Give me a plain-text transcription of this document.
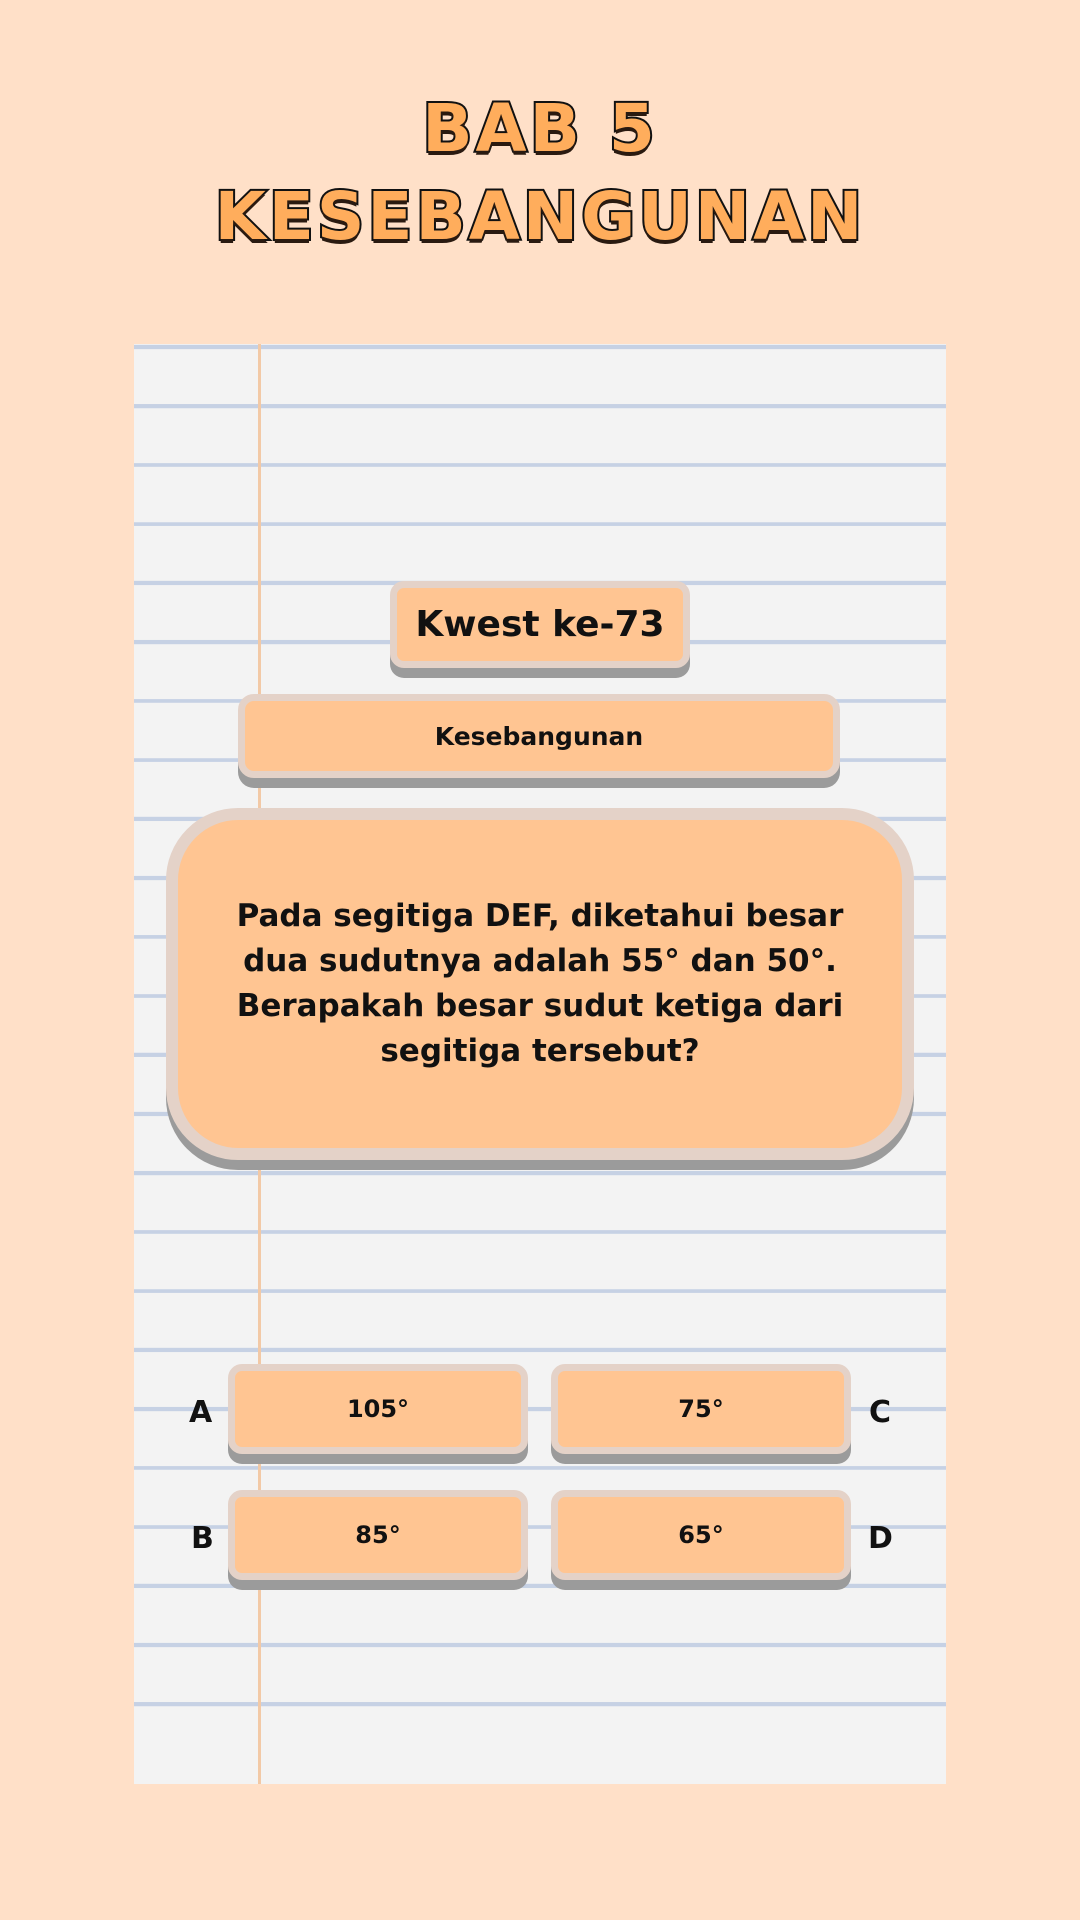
BAB 5
KESEBANGUNAN
Kwest ke-73
Kesebangunan
Pada segitiga DEF, diketahui besar dua sudutnya adalah 55° dan 50°. Berapakah besar sudut ketiga dari segitiga tersebut?
A	105°	C
75°
B	85°	D
65°
